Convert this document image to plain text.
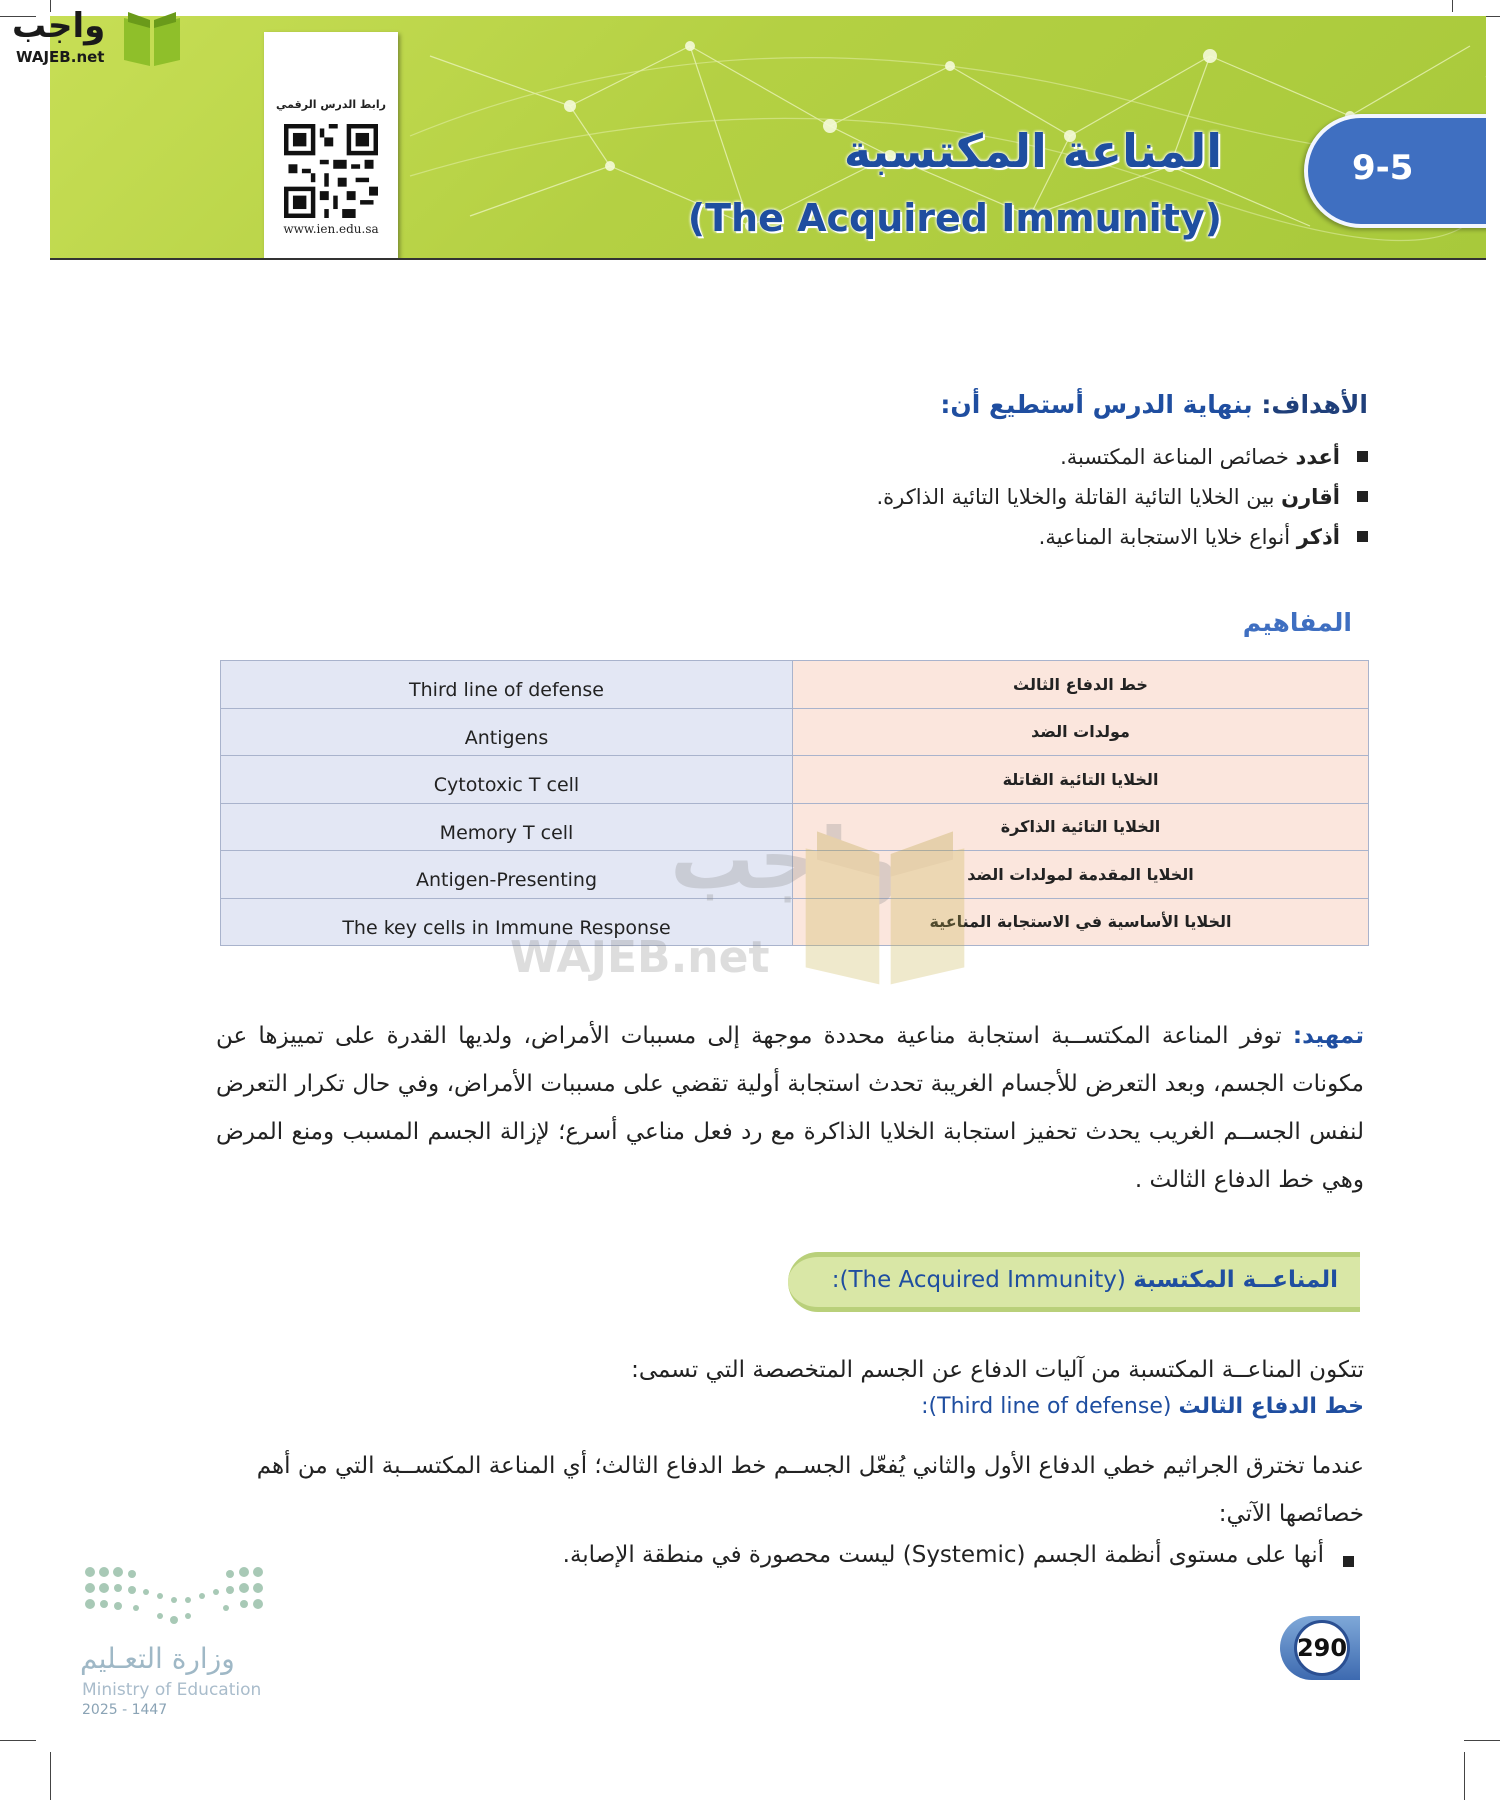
رابط الدرس الرقمي
www.ien.edu.sa
المناعة المكتسبة
(The Acquired Immunity)
9-5
واجب
WAJEB.net
الأهداف: بنهاية الدرس أستطيع أن:
أعدد خصائص المناعة المكتسبة.
أقارن بين الخلايا التائية القاتلة والخلايا التائية الذاكرة.
أذكر أنواع خلايا الاستجابة المناعية.
المفاهيم
Third line of defense	خط الدفاع الثالث
Antigens	مولدات الضد
Cytotoxic T cell	الخلايا التائية القاتلة
Memory T cell	الخلايا التائية الذاكرة
Antigen-Presenting	الخلايا المقدمة لمولدات الضد
The key cells in Immune Response	الخلايا الأساسية في الاستجابة المناعية
واجب
WAJEB.net
تمهيد: توفر المناعة المكتســبة استجابة مناعية محددة موجهة إلى مسببات الأمراض، ولديها القدرة على تمييزها عن مكونات الجسم، وبعد التعرض للأجسام الغريبة تحدث استجابة أولية تقضي على مسببات الأمراض، وفي حال تكرار التعرض لنفس الجســم الغريب يحدث تحفيز استجابة الخلايا الذاكرة مع رد فعل مناعي أسرع؛ لإزالة الجسم المسبب ومنع المرض وهي خط الدفاع الثالث .
المناعــة المكتسبة (The Acquired Immunity):
تتكون المناعــة المكتسبة من آليات الدفاع عن الجسم المتخصصة التي تسمى:
خط الدفاع الثالث (Third line of defense):
عندما تخترق الجراثيم خطي الدفاع الأول والثاني يُفعّل الجســم خط الدفاع الثالث؛ أي المناعة المكتســبة التي من أهم خصائصها الآتي:
أنها على مستوى أنظمة الجسم (Systemic) ليست محصورة في منطقة الإصابة.
290
وزارة التعـليم
Ministry of Education
2025 - 1447
